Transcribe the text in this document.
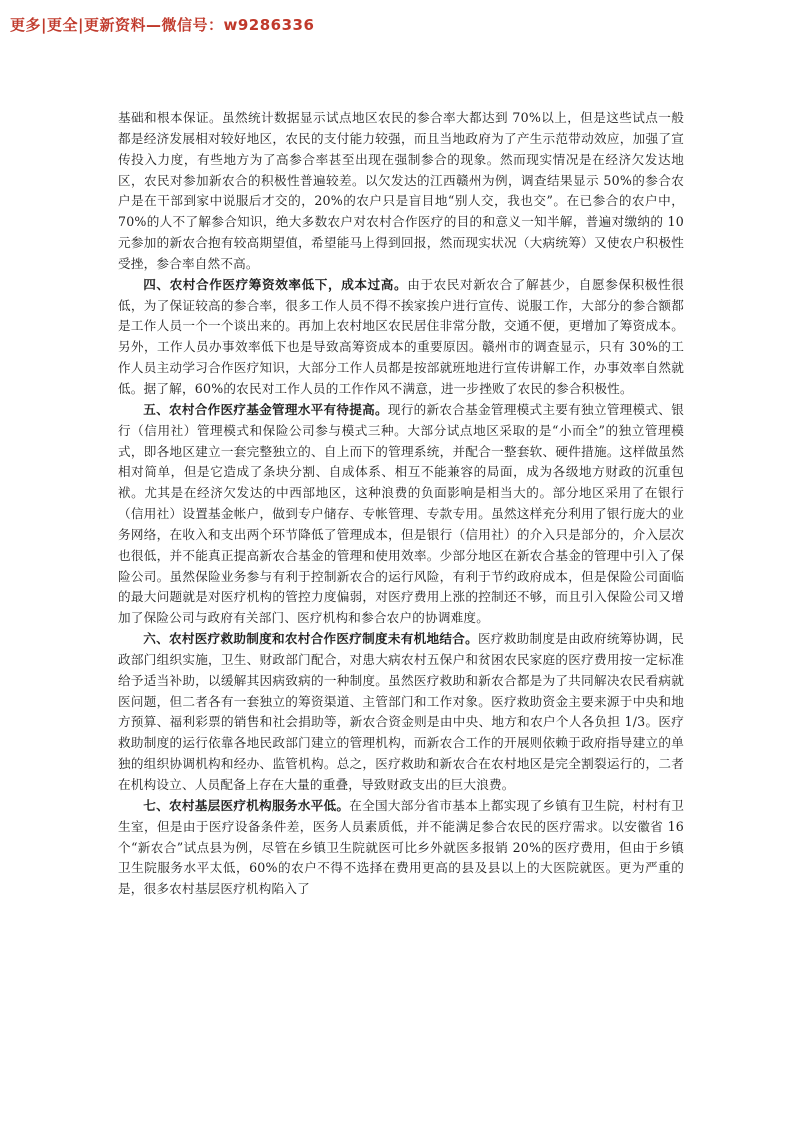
更多|更全|更新资料—微信号：w9286336

基础和根本保证。虽然统计数据显示试点地区农民的参合率大都达到 70%以上，但是这些试点一般都是经济发展相对较好地区，农民的支付能力较强，而且当地政府为了产生示范带动效应，加强了宣传投入力度，有些地方为了高参合率甚至出现在强制参合的现象。然而现实情况是在经济欠发达地区，农民对参加新农合的积极性普遍较差。以欠发达的江西赣州为例，调查结果显示 50%的参合农户是在干部到家中说服后才交的，20%的农户只是盲目地“别人交，我也交”。在已参合的农户中，70%的人不了解参合知识，绝大多数农户对农村合作医疗的目的和意义一知半解，普遍对缴纳的 10 元参加的新农合抱有较高期望值，希望能马上得到回报，然而现实状况（大病统筹）又使农户积极性受挫，参合率自然不高。

四、农村合作医疗筹资效率低下，成本过高。由于农民对新农合了解甚少，自愿参保积极性很低，为了保证较高的参合率，很多工作人员不得不挨家挨户进行宣传、说服工作，大部分的参合额都是工作人员一个一个谈出来的。再加上农村地区农民居住非常分散，交通不便，更增加了筹资成本。另外，工作人员办事效率低下也是导致高筹资成本的重要原因。赣州市的调查显示，只有 30%的工作人员主动学习合作医疗知识，大部分工作人员都是按部就班地进行宣传讲解工作，办事效率自然就低。据了解，60%的农民对工作人员的工作作风不满意，进一步挫败了农民的参合积极性。

五、农村合作医疗基金管理水平有待提高。现行的新农合基金管理模式主要有独立管理模式、银行（信用社）管理模式和保险公司参与模式三种。大部分试点地区采取的是“小而全”的独立管理模式，即各地区建立一套完整独立的、自上而下的管理系统，并配合一整套软、硬件措施。这样做虽然相对简单，但是它造成了条块分割、自成体系、相互不能兼容的局面，成为各级地方财政的沉重包袱。尤其是在经济欠发达的中西部地区，这种浪费的负面影响是相当大的。部分地区采用了在银行（信用社）设置基金帐户，做到专户储存、专帐管理、专款专用。虽然这样充分利用了银行庞大的业务网络，在收入和支出两个环节降低了管理成本，但是银行（信用社）的介入只是部分的，介入层次也很低，并不能真正提高新农合基金的管理和使用效率。少部分地区在新农合基金的管理中引入了保险公司。虽然保险业务参与有利于控制新农合的运行风险，有利于节约政府成本，但是保险公司面临的最大问题就是对医疗机构的管控力度偏弱，对医疗费用上涨的控制还不够，而且引入保险公司又增加了保险公司与政府有关部门、医疗机构和参合农户的协调难度。

六、农村医疗救助制度和农村合作医疗制度未有机地结合。医疗救助制度是由政府统筹协调，民政部门组织实施，卫生、财政部门配合，对患大病农村五保户和贫困农民家庭的医疗费用按一定标准给予适当补助，以缓解其因病致病的一种制度。虽然医疗救助和新农合都是为了共同解决农民看病就医问题，但二者各有一套独立的筹资渠道、主管部门和工作对象。医疗救助资金主要来源于中央和地方预算、福利彩票的销售和社会捐助等，新农合资金则是由中央、地方和农户个人各负担 1/3。医疗救助制度的运行依靠各地民政部门建立的管理机构，而新农合工作的开展则依赖于政府指导建立的单独的组织协调机构和经办、监管机构。总之，医疗救助和新农合在农村地区是完全割裂运行的，二者在机构设立、人员配备上存在大量的重叠，导致财政支出的巨大浪费。

七、农村基层医疗机构服务水平低。在全国大部分省市基本上都实现了乡镇有卫生院，村村有卫生室，但是由于医疗设备条件差，医务人员素质低，并不能满足参合农民的医疗需求。以安徽省 16 个“新农合”试点县为例，尽管在乡镇卫生院就医可比乡外就医多报销 20%的医疗费用，但由于乡镇卫生院服务水平太低，60%的农户不得不选择在费用更高的县及县以上的大医院就医。更为严重的是，很多农村基层医疗机构陷入了
